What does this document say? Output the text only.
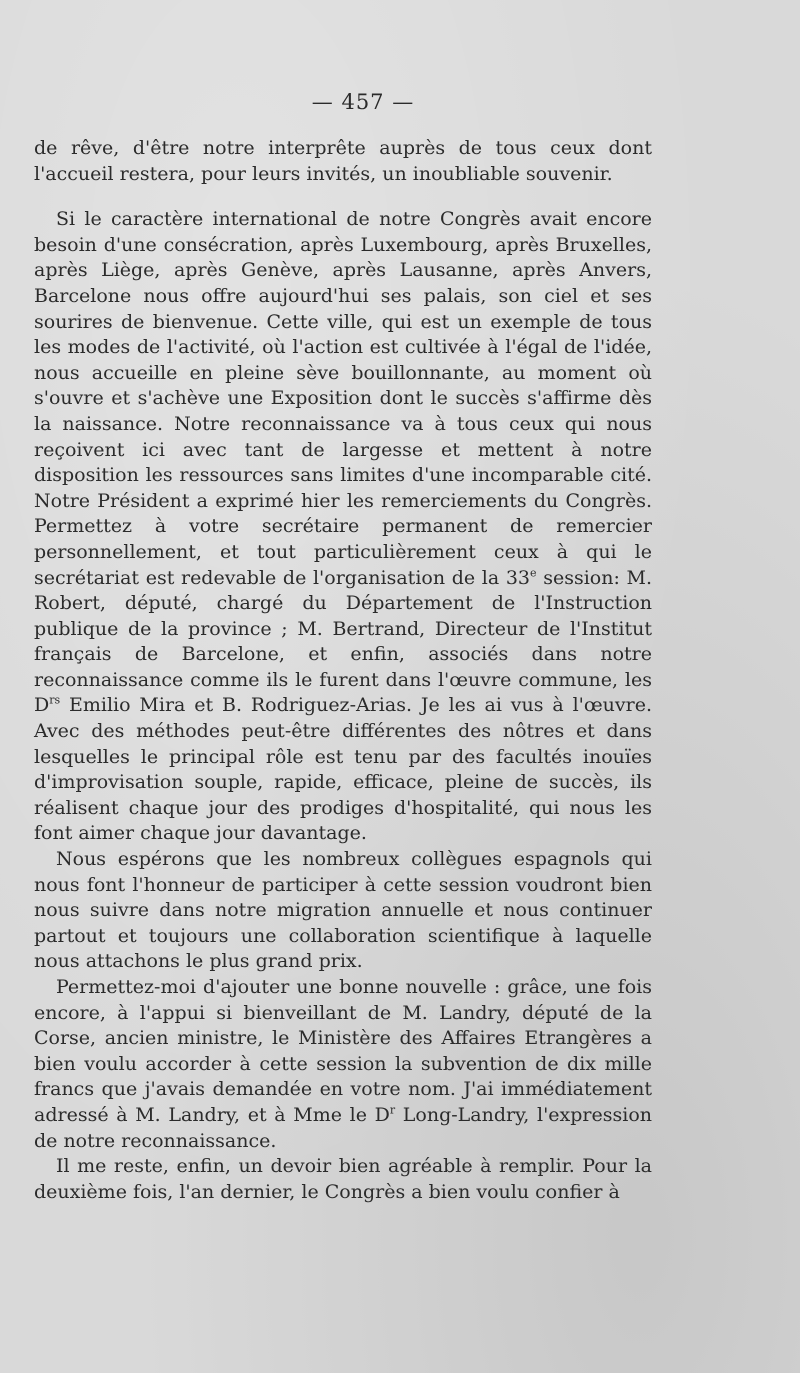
— 457 —

de rêve, d'être notre interprête auprès de tous ceux dont l'accueil restera, pour leurs invités, un inoubliable souvenir.

Si le caractère international de notre Congrès avait encore besoin d'une consécration, après Luxembourg, après Bruxelles, après Liège, après Genève, après Lausanne, après Anvers, Barcelone nous offre aujourd'hui ses palais, son ciel et ses sourires de bienvenue. Cette ville, qui est un exemple de tous les modes de l'activité, où l'action est cultivée à l'égal de l'idée, nous accueille en pleine sève bouillonnante, au moment où s'ouvre et s'achève une Exposition dont le succès s'affirme dès la naissance. Notre reconnaissance va à tous ceux qui nous reçoivent ici avec tant de largesse et mettent à notre disposition les ressources sans limites d'une incomparable cité. Notre Président a exprimé hier les remerciements du Congrès. Permettez à votre secrétaire permanent de remercier personnellement, et tout particulièrement ceux à qui le secrétariat est redevable de l'organisation de la 33e session: M. Robert, député, chargé du Département de l'Instruction publique de la province ; M. Bertrand, Directeur de l'Institut français de Barcelone, et enfin, associés dans notre reconnaissance comme ils le furent dans l'œuvre commune, les $D^{rs}$ Emilio Mira et B. Rodriguez-Arias. Je les ai vus à l'œuvre. Avec des méthodes peut-être différentes des nôtres et dans lesquelles le principal rôle est tenu par des facultés inouïes d'improvisation souple, rapide, efficace, pleine de succès, ils réalisent chaque jour des prodiges d'hospitalité, qui nous les font aimer chaque jour davantage.

Nous espérons que les nombreux collègues espagnols qui nous font l'honneur de participer à cette session voudront bien nous suivre dans notre migration annuelle et nous continuer partout et toujours une collaboration scientifique à laquelle nous attachons le plus grand prix.

Permettez-moi d'ajouter une bonne nouvelle : grâce, une fois encore, à l'appui si bienveillant de M. Landry, député de la Corse, ancien ministre, le Ministère des Affaires Etrangères a bien voulu accorder à cette session la subvention de dix mille francs que j'avais demandée en votre nom. J'ai immédiatement adressé à M. Landry, et à Mme le $D^r$ Long-Landry, l'expression de notre reconnaissance.

Il me reste, enfin, un devoir bien agréable à remplir. Pour la deuxième fois, l'an dernier, le Congrès a bien voulu confier à
